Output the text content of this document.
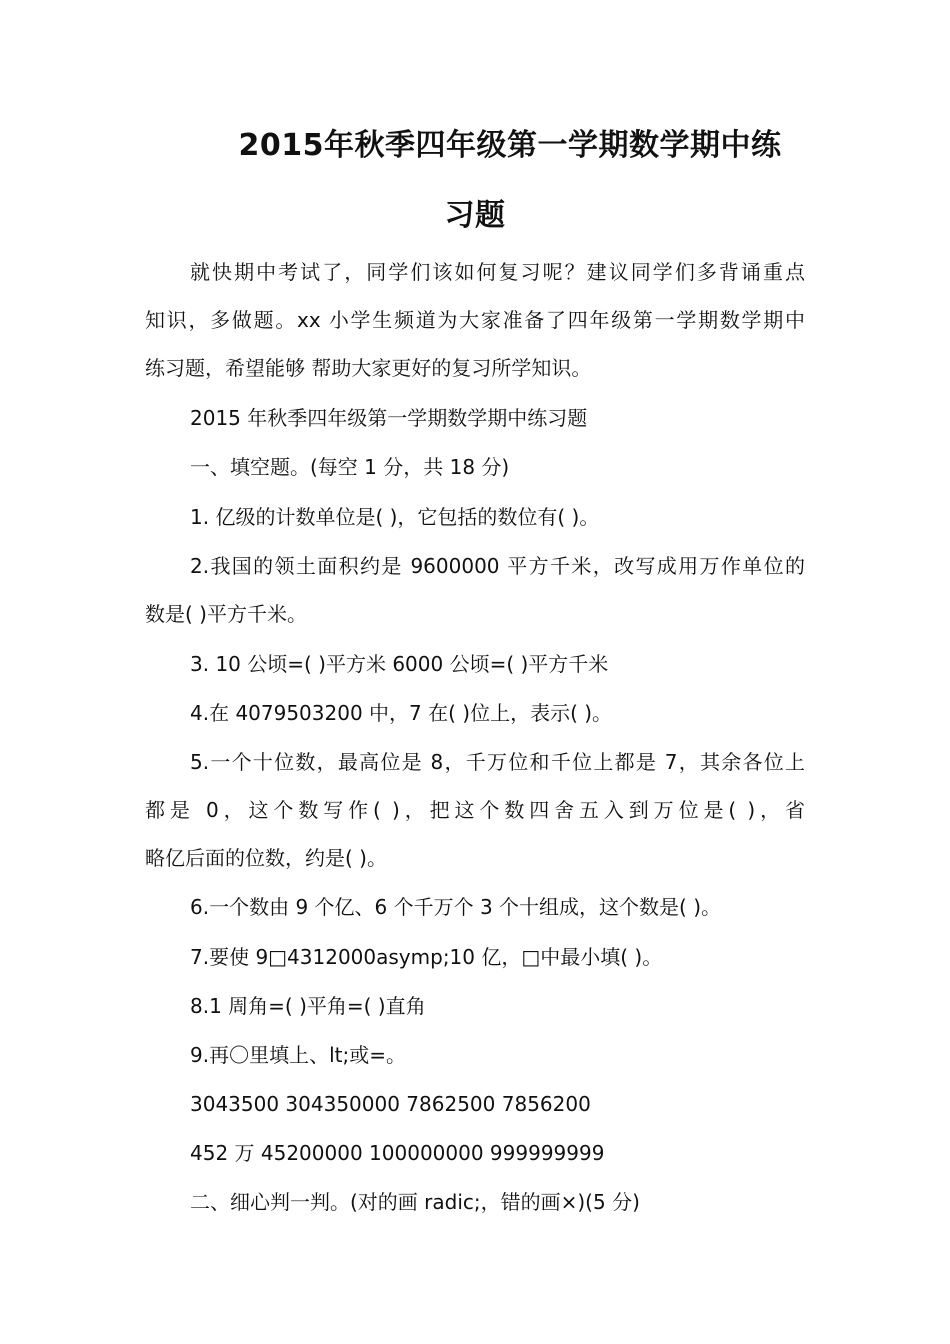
2015年秋季四年级第一学期数学期中练
习题
就快期中考试了，同学们该如何复习呢？建议同学们多背诵重点
知识，多做题。xx 小学生频道为大家准备了四年级第一学期数学期中
练习题，希望能够 帮助大家更好的复习所学知识。
2015 年秋季四年级第一学期数学期中练习题
一、填空题。(每空 1 分，共 18 分)
1. 亿级的计数单位是( )，它包括的数位有( )。
2.我国的领土面积约是 9600000 平方千米，改写成用万作单位的
数是( )平方千米。
3. 10 公顷=( )平方米 6000 公顷=( )平方千米
4.在 4079503200 中，7 在( )位上，表示( )。
5.一个十位数，最高位是 8，千万位和千位上都是 7，其余各位上
都是 0，这个数写作( )，把这个数四舍五入到万位是( )，省
略亿后面的位数，约是( )。
6.一个数由 9 个亿、6 个千万个 3 个十组成，这个数是( )。
7.要使 9□4312000asymp;10 亿，□中最小填( )。
8.1 周角=( )平角=( )直角
9.再〇里填上、lt;或=。
3043500 304350000 7862500 7856200
452 万 45200000 100000000 999999999
二、细心判一判。(对的画 radic;，错的画×)(5 分)
